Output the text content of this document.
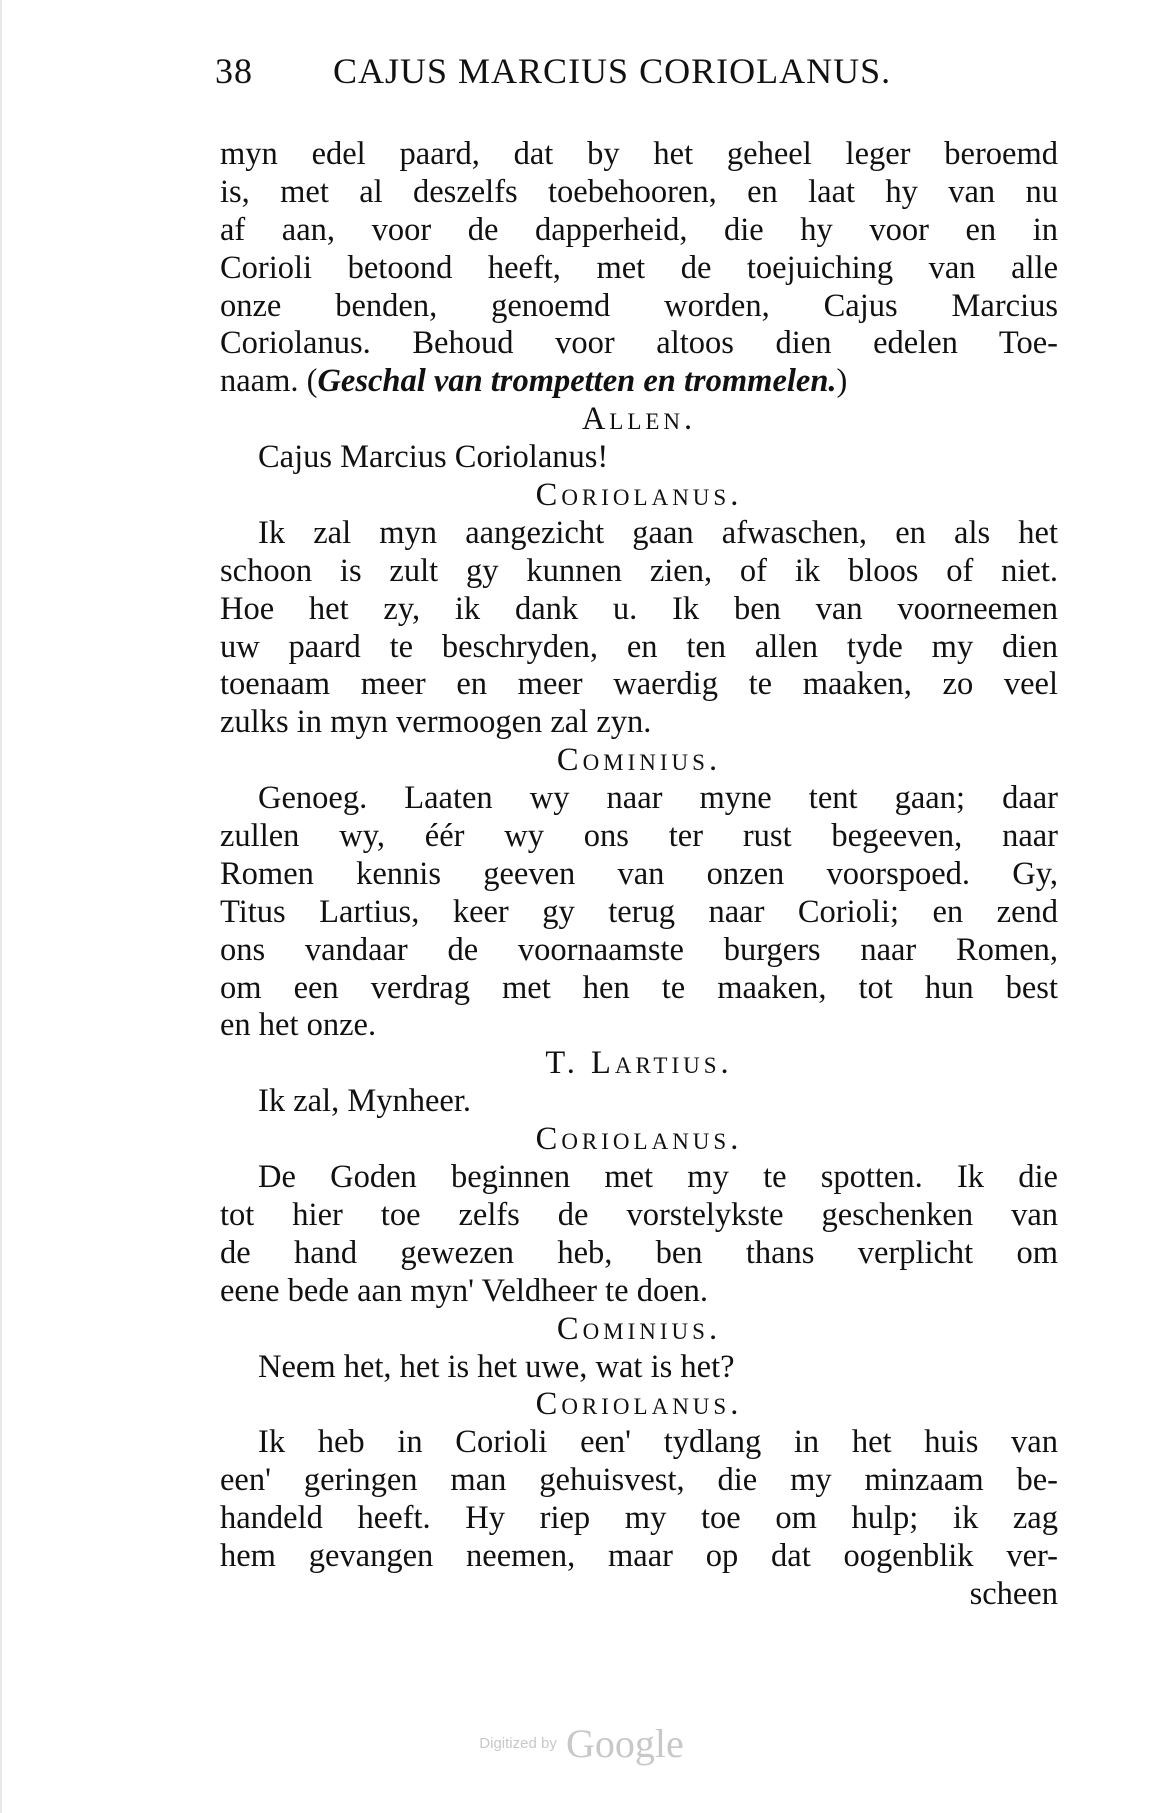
38 CAJUS MARCIUS CORIOLANUS.
myn edel paard, dat by het geheel leger beroemd
is, met al deszelfs toebehooren, en laat hy van nu
af aan, voor de dapperheid, die hy voor en in
Corioli betoond heeft, met de toejuiching van alle
onze benden, genoemd worden, Cajus Marcius
Coriolanus. Behoud voor altoos dien edelen Toe-
naam. (Geschal van trompetten en trommelen.)
Allen.
Cajus Marcius Coriolanus!
Coriolanus.
Ik zal myn aangezicht gaan afwaschen, en als het
schoon is zult gy kunnen zien, of ik bloos of niet.
Hoe het zy, ik dank u. Ik ben van voorneemen
uw paard te beschryden, en ten allen tyde my dien
toenaam meer en meer waerdig te maaken, zo veel
zulks in myn vermoogen zal zyn.
Cominius.
Genoeg. Laaten wy naar myne tent gaan; daar
zullen wy, éér wy ons ter rust begeeven, naar
Romen kennis geeven van onzen voorspoed. Gy,
Titus Lartius, keer gy terug naar Corioli; en zend
ons vandaar de voornaamste burgers naar Romen,
om een verdrag met hen te maaken, tot hun best
en het onze.
T. Lartius.
Ik zal, Mynheer.
Coriolanus.
De Goden beginnen met my te spotten. Ik die
tot hier toe zelfs de vorstelykste geschenken van
de hand gewezen heb, ben thans verplicht om
eene bede aan myn' Veldheer te doen.
Cominius.
Neem het, het is het uwe, wat is het?
Coriolanus.
Ik heb in Corioli een' tydlang in het huis van
een' geringen man gehuisvest, die my minzaam be-
handeld heeft. Hy riep my toe om hulp; ik zag
hem gevangen neemen, maar op dat oogenblik ver-
scheen
Digitized by Google
